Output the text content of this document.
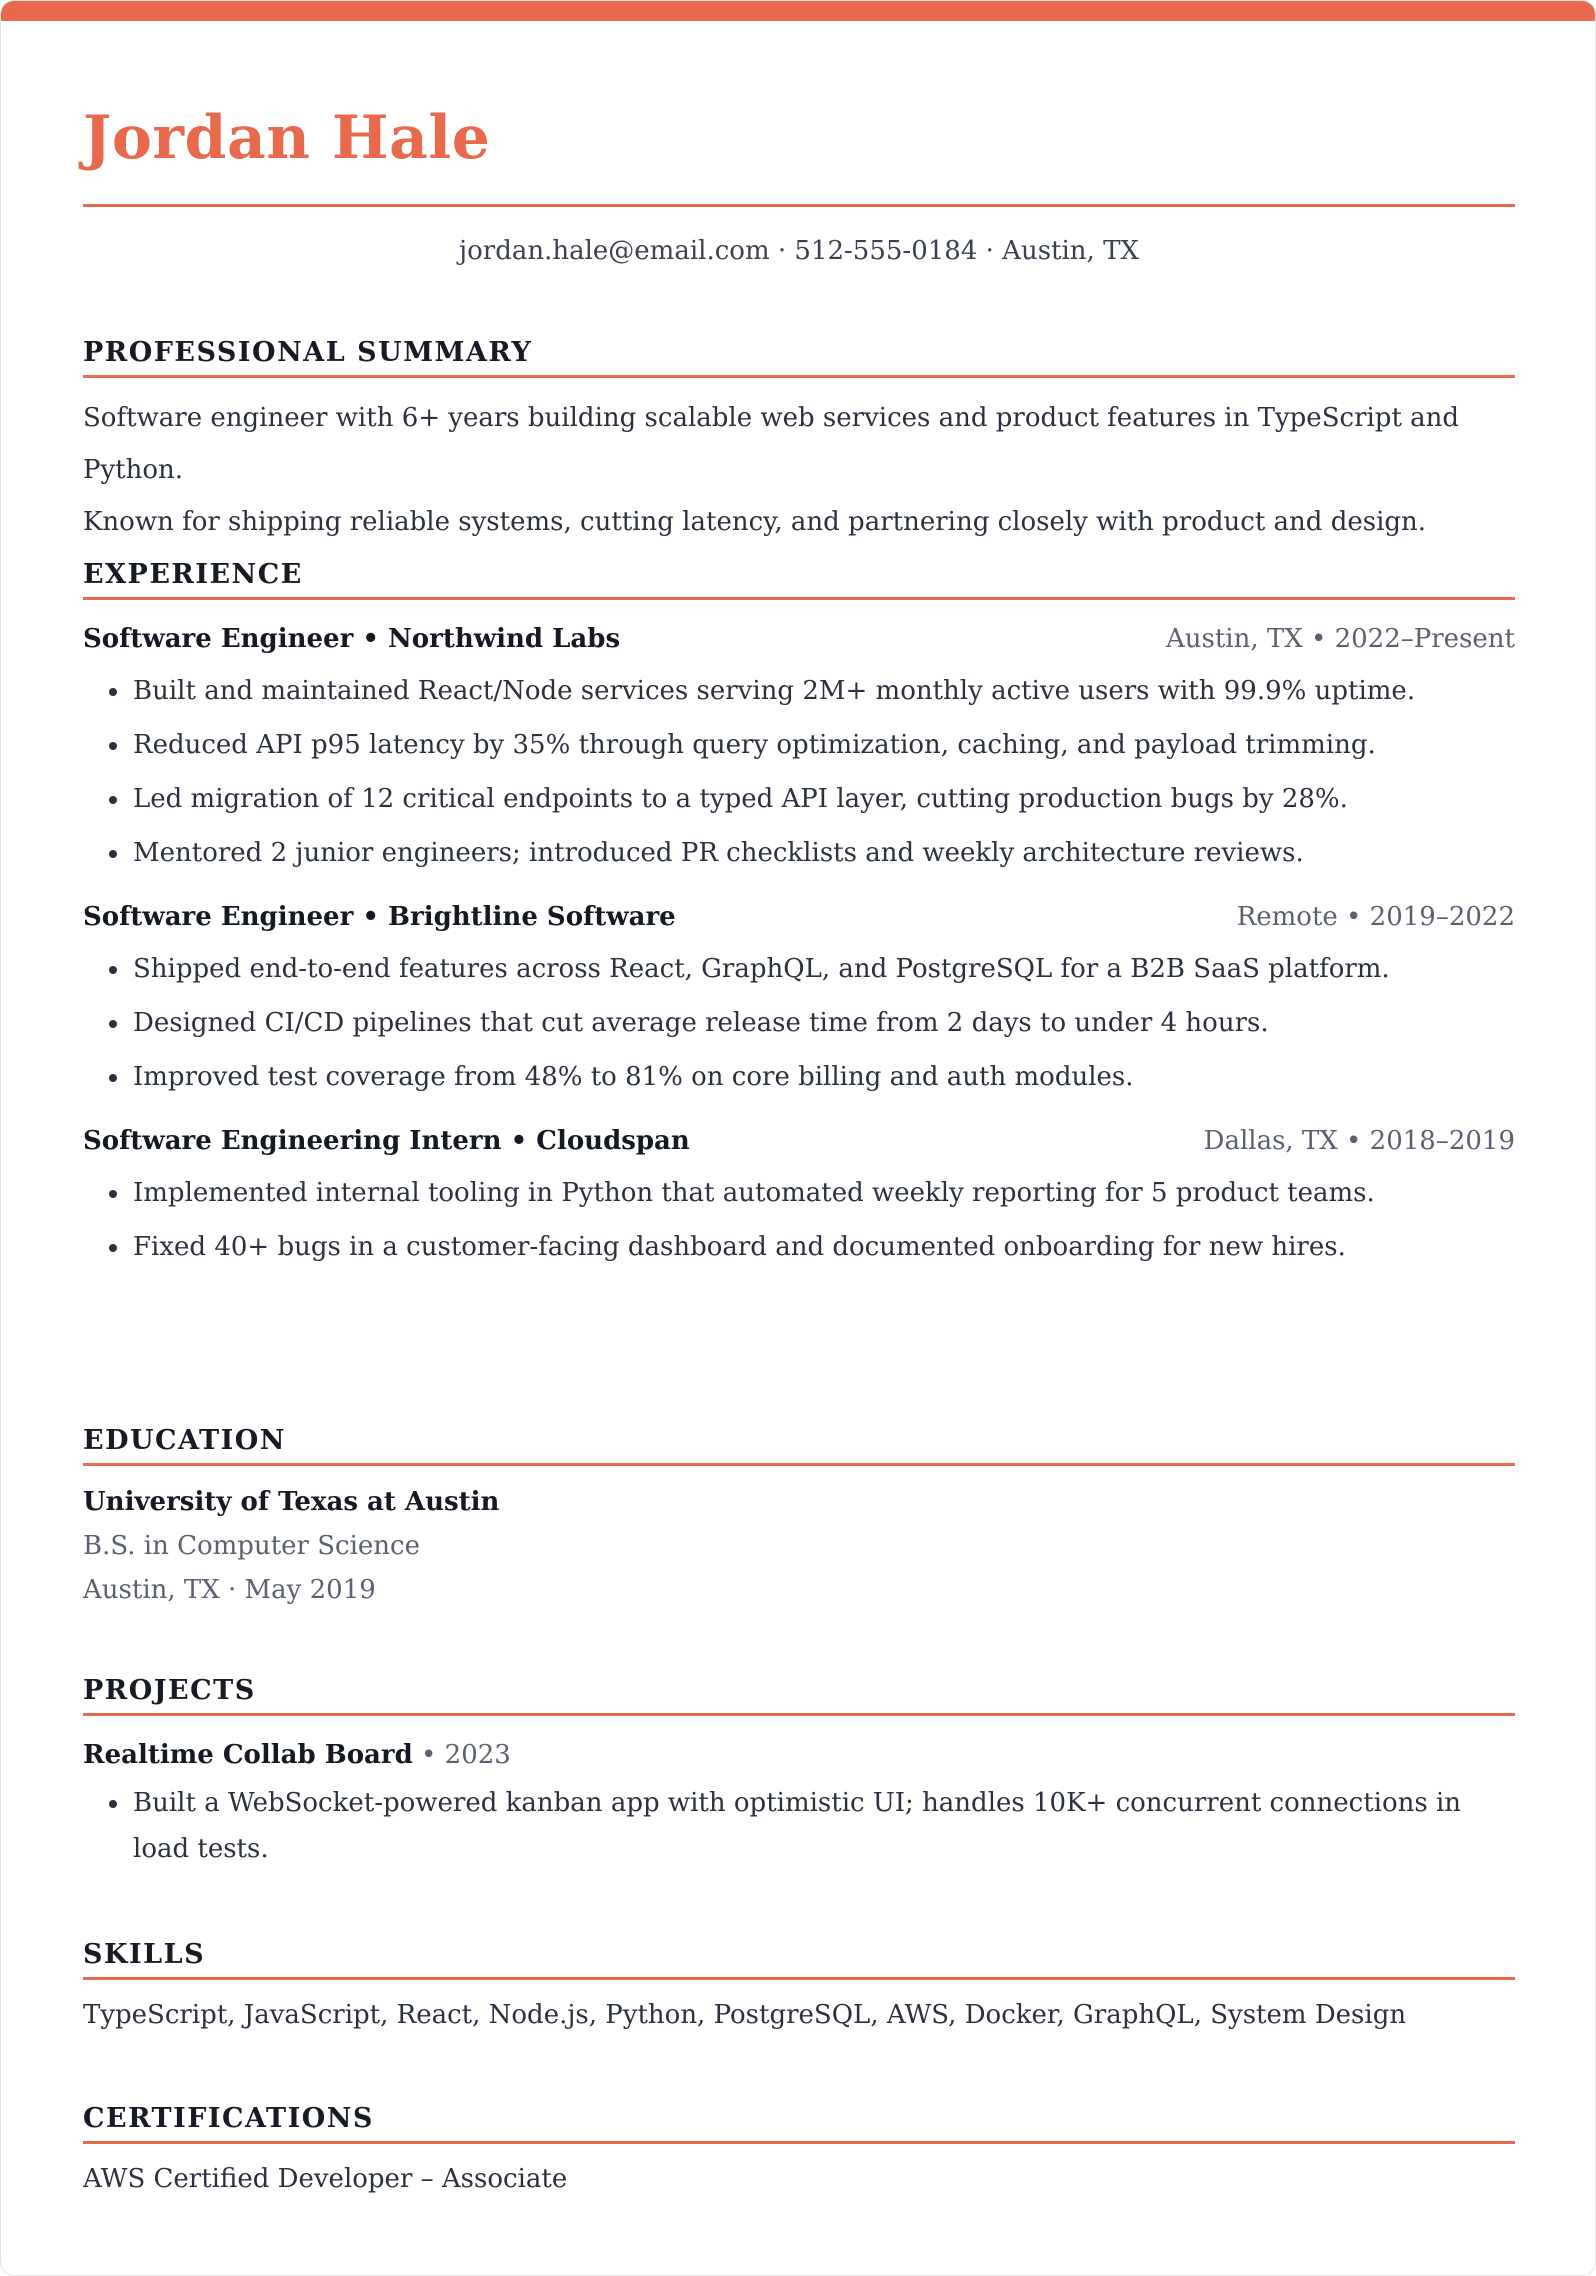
Jordan Hale
jordan.hale@email.com · 512-555-0184 · Austin, TX
PROFESSIONAL SUMMARY
Software engineer with 6+ years building scalable web services and product features in TypeScript and Python.
Known for shipping reliable systems, cutting latency, and partnering closely with product and design.
EXPERIENCE
Software Engineer • Northwind Labs	Austin, TX • 2022–Present
• Built and maintained React/Node services serving 2M+ monthly active users with 99.9% uptime.
• Reduced API p95 latency by 35% through query optimization, caching, and payload trimming.
• Led migration of 12 critical endpoints to a typed API layer, cutting production bugs by 28%.
• Mentored 2 junior engineers; introduced PR checklists and weekly architecture reviews.
Software Engineer • Brightline Software	Remote • 2019–2022
• Shipped end-to-end features across React, GraphQL, and PostgreSQL for a B2B SaaS platform.
• Designed CI/CD pipelines that cut average release time from 2 days to under 4 hours.
• Improved test coverage from 48% to 81% on core billing and auth modules.
Software Engineering Intern • Cloudspan	Dallas, TX • 2018–2019
• Implemented internal tooling in Python that automated weekly reporting for 5 product teams.
• Fixed 40+ bugs in a customer-facing dashboard and documented onboarding for new hires.
EDUCATION
University of Texas at Austin
B.S. in Computer Science
Austin, TX · May 2019
PROJECTS
Realtime Collab Board • 2023
• Built a WebSocket-powered kanban app with optimistic UI; handles 10K+ concurrent connections in load tests.
SKILLS
TypeScript, JavaScript, React, Node.js, Python, PostgreSQL, AWS, Docker, GraphQL, System Design
CERTIFICATIONS
AWS Certified Developer – Associate
